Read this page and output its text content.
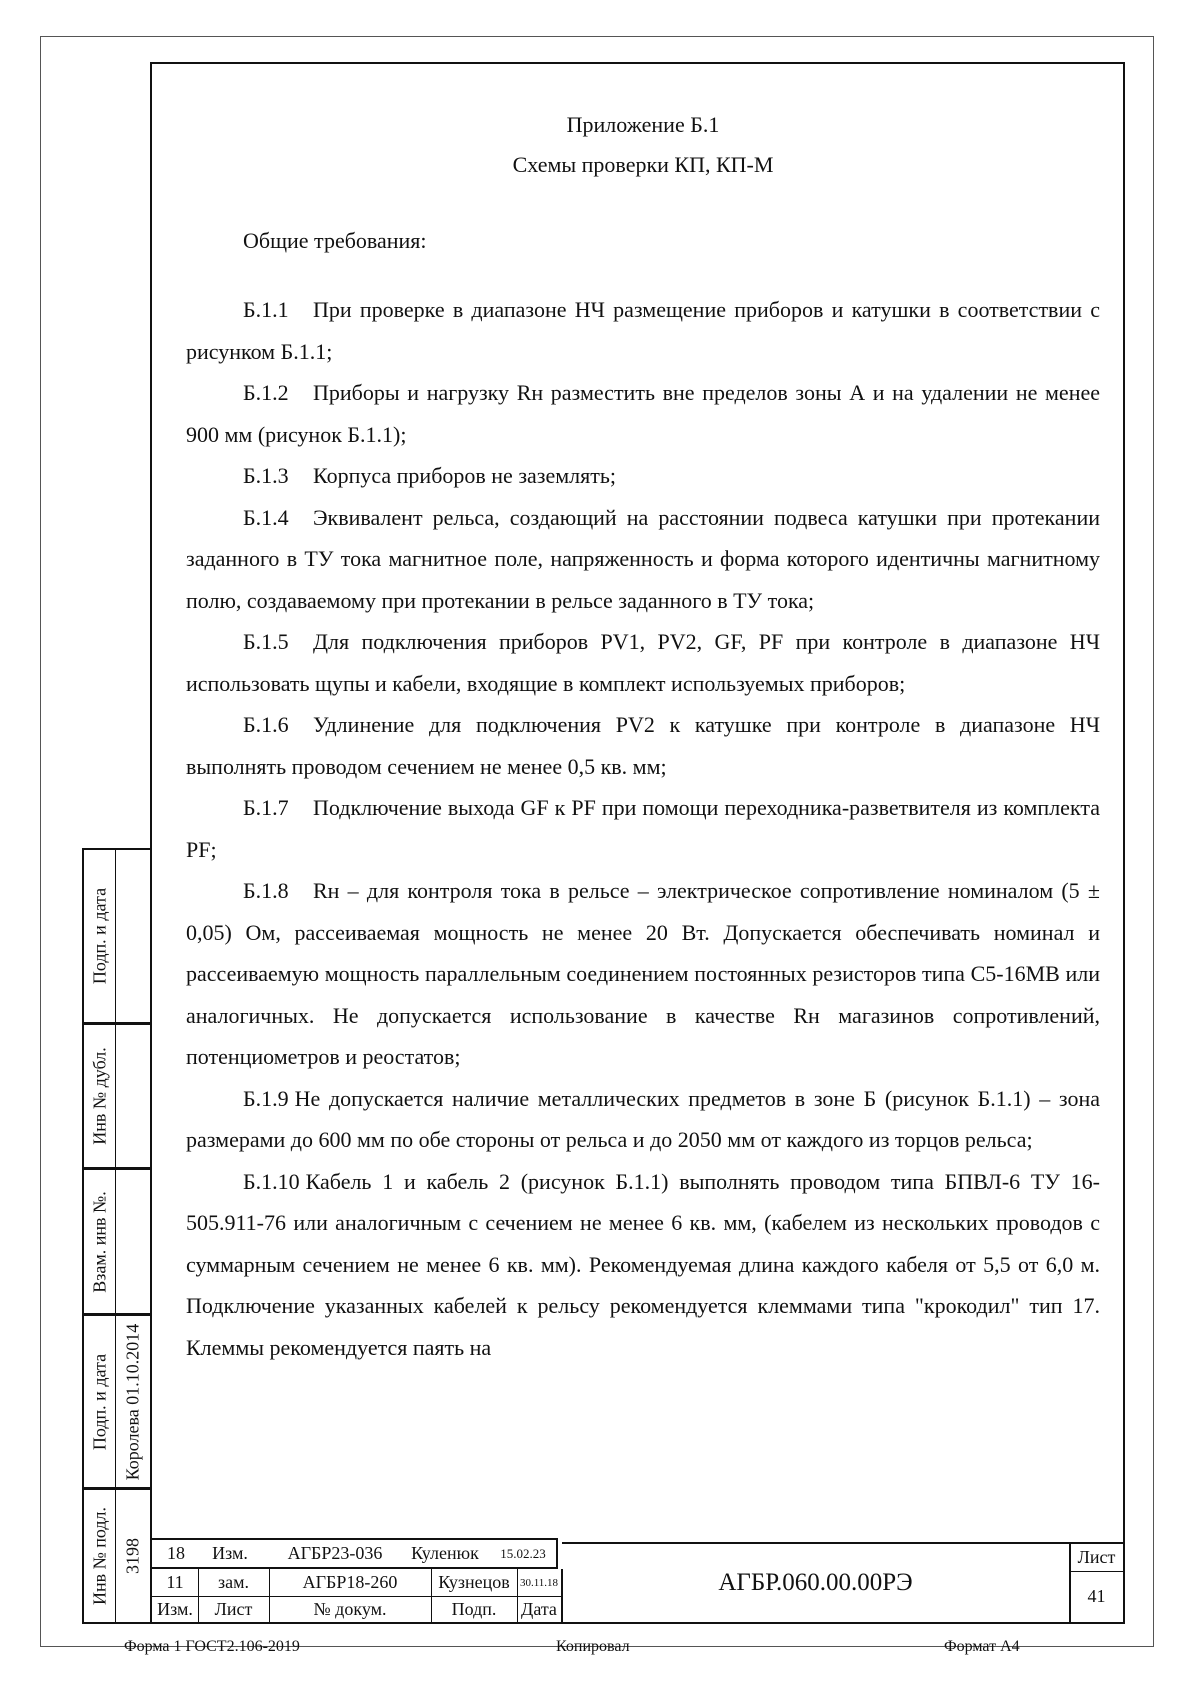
Приложение Б.1
Схемы проверки КП, КП-М

Общие требования:

Б.1.1 При проверке в диапазоне НЧ размещение приборов и катушки в соответствии с рисунком Б.1.1;

Б.1.2 Приборы и нагрузку Rн разместить вне пределов зоны А и на удалении не менее 900 мм (рисунок Б.1.1);

Б.1.3 Корпуса приборов не заземлять;

Б.1.4 Эквивалент рельса, создающий на расстоянии подвеса катушки при протекании заданного в ТУ тока магнитное поле, напряженность и форма которого идентичны магнитному полю, создаваемому при протекании в рельсе заданного в ТУ тока;

Б.1.5 Для подключения приборов PV1, PV2, GF, PF при контроле в диапазоне НЧ использовать щупы и кабели, входящие в комплект используемых приборов;

Б.1.6 Удлинение для подключения PV2 к катушке при контроле в диапазоне НЧ выполнять проводом сечением не менее 0,5 кв. мм;

Б.1.7 Подключение выхода GF к PF при помощи переходника-разветвителя из комплекта PF;

Б.1.8 Rн – для контроля тока в рельсе – электрическое сопротивление номиналом (5 ± 0,05) Ом, рассеиваемая мощность не менее 20 Вт. Допускается обеспечивать номинал и рассеиваемую мощность параллельным соединением постоянных резисторов типа С5-16МВ или аналогичных. Не допускается использование в качестве Rн магазинов сопротивлений, потенциометров и реостатов;

Б.1.9 Не допускается наличие металлических предметов в зоне Б (рисунок Б.1.1) – зона размерами до 600 мм по обе стороны от рельса и до 2050 мм от каждого из торцов рельса;

Б.1.10 Кабель 1 и кабель 2 (рисунок Б.1.1) выполнять проводом типа БПВЛ-6 ТУ 16-505.911-76 или аналогичным с сечением не менее 6 кв. мм, (кабелем из нескольких проводов с суммарным сечением не менее 6 кв. мм). Рекомендуемая длина каждого кабеля от 5,5 от 6,0 м. Подключение указанных кабелей к рельсу рекомендуется клеммами типа "крокодил" тип 17. Клеммы рекомендуется паять на

Подп. и дата
Инв № дубл.
Взам. инв №.
Подп. и дата Королева 01.10.2014
Инв № подл. 3198	18	Изм.	АГБР23-036	Куленюк	15.02.23
11	зам.	АГБР18-260	Кузнецов 30.11.18
Изм.	Лист	№ докум.	Подп.	Дата
АГБР.060.00.00РЭ
Лист
41
Форма 1 ГОСТ2.106-2019	Копировал	Формат А4
